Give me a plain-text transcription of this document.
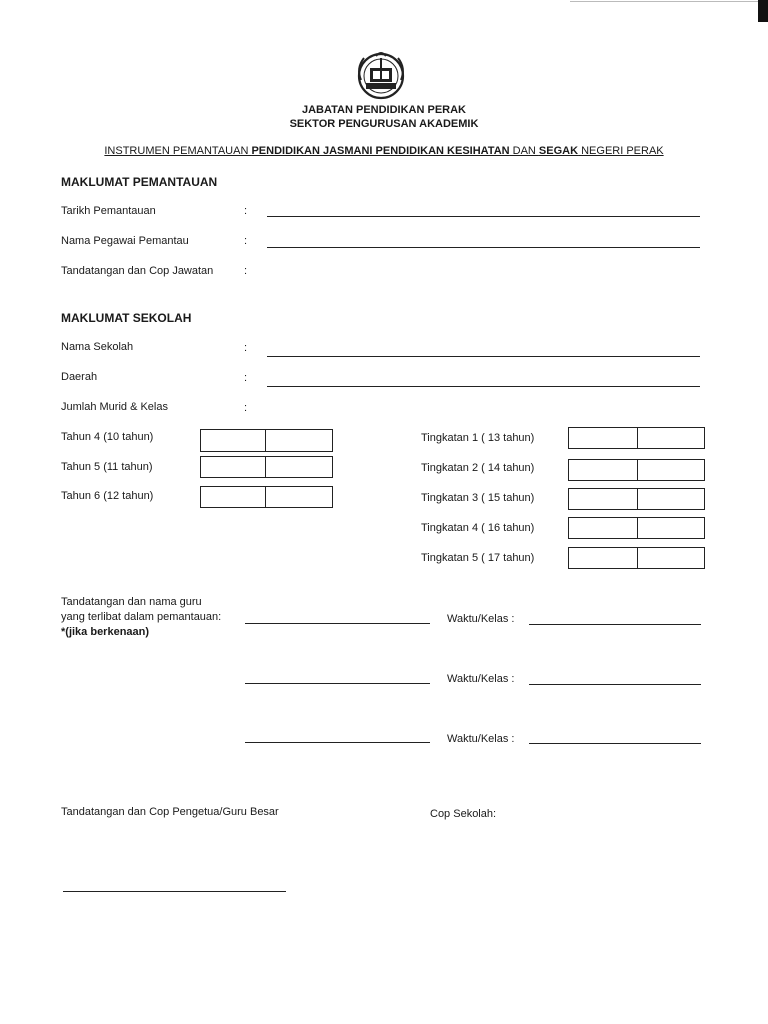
JABATAN PENDIDIKAN PERAK
SEKTOR PENGURUSAN AKADEMIK
INSTRUMEN PEMANTAUAN PENDIDIKAN JASMANI PENDIDIKAN KESIHATAN DAN SEGAK NEGERI PERAK
MAKLUMAT PEMANTAUAN
Tarikh Pemantauan	:
Nama Pegawai Pemantau	:
Tandatangan dan Cop Jawatan	:
MAKLUMAT SEKOLAH
Nama Sekolah	:
Daerah	:
Jumlah Murid & Kelas	:
Tahun 4 (10 tahun)
Tahun 5 (11 tahun)
Tahun 6 (12 tahun)
Tingkatan 1 ( 13 tahun)
Tingkatan 2 ( 14 tahun)
Tingkatan 3 ( 15 tahun)
Tingkatan 4 ( 16 tahun)
Tingkatan 5 ( 17 tahun)
Tandatangan dan nama guru
yang terlibat dalam pemantauan:
*(jika berkenaan)
Waktu/Kelas :
Waktu/Kelas :
Waktu/Kelas :
Tandatangan dan Cop Pengetua/Guru Besar	Cop Sekolah:
